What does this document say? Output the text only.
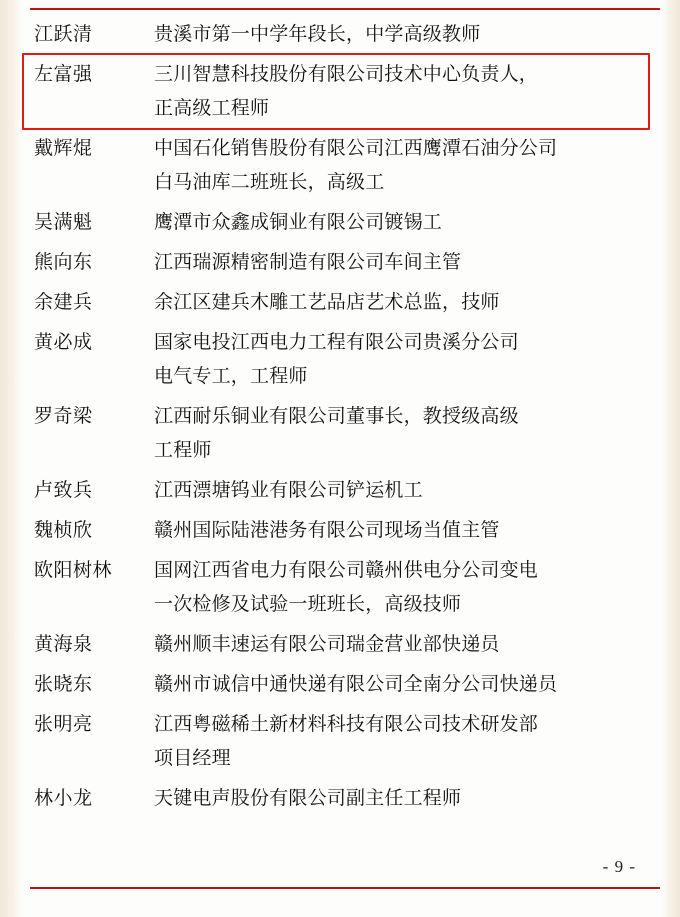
江跃清	贵溪市第一中学年段长，中学高级教师
左富强	三川智慧科技股份有限公司技术中心负责人，
正高级工程师
戴辉焜	中国石化销售股份有限公司江西鹰潭石油分公司
白马油库二班班长，高级工
吴满魁	鹰潭市众鑫成铜业有限公司镀锡工
熊向东	江西瑞源精密制造有限公司车间主管
余建兵	余江区建兵木雕工艺品店艺术总监，技师
黄必成	国家电投江西电力工程有限公司贵溪分公司
电气专工，工程师
罗奇梁	江西耐乐铜业有限公司董事长，教授级高级
工程师
卢致兵	江西漂塘钨业有限公司铲运机工
魏桢欣	赣州国际陆港港务有限公司现场当值主管
欧阳树林	国网江西省电力有限公司赣州供电分公司变电
一次检修及试验一班班长，高级技师
黄海泉	赣州顺丰速运有限公司瑞金营业部快递员
张晓东	赣州市诚信中通快递有限公司全南分公司快递员
张明亮	江西粤磁稀土新材料科技有限公司技术研发部
项目经理
林小龙	天键电声股份有限公司副主任工程师
- 9 -
